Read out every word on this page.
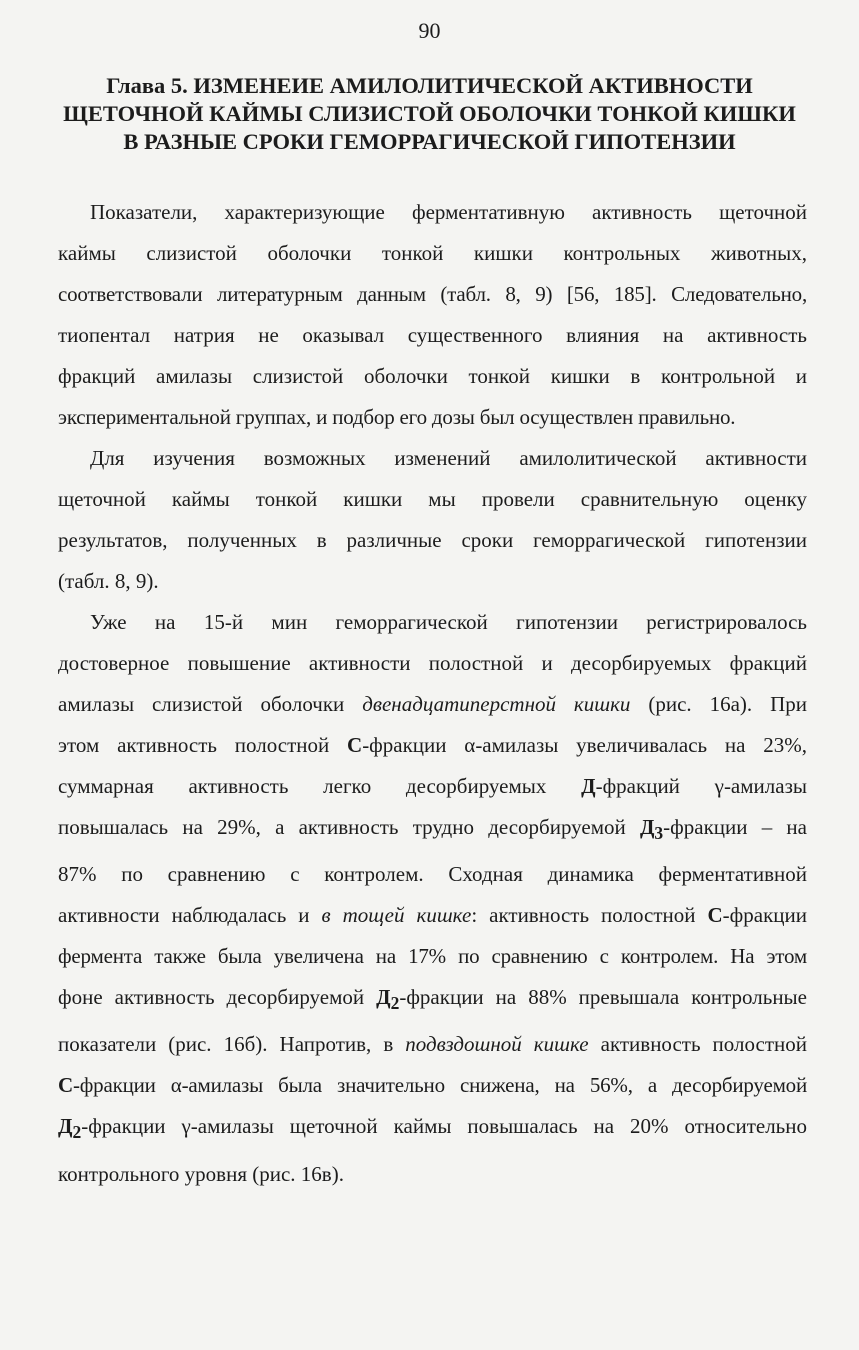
90
Глава 5. ИЗМЕНЕИЕ АМИЛОЛИТИЧЕСКОЙ АКТИВНОСТИ
ЩЕТОЧНОЙ КАЙМЫ СЛИЗИСТОЙ ОБОЛОЧКИ ТОНКОЙ КИШКИ
В РАЗНЫЕ СРОКИ ГЕМОРРАГИЧЕСКОЙ ГИПОТЕНЗИИ
Показатели, характеризующие ферментативную активность щеточной
каймы слизистой оболочки тонкой кишки контрольных животных,
соответствовали литературным данным (табл. 8, 9) [56, 185]. Следовательно,
тиопентал натрия не оказывал существенного влияния на активность
фракций амилазы слизистой оболочки тонкой кишки в контрольной и
экспериментальной группах, и подбор его дозы был осуществлен правильно.
Для изучения возможных изменений амилолитической активности
щеточной каймы тонкой кишки мы провели сравнительную оценку
результатов, полученных в различные сроки геморрагической гипотензии
(табл. 8, 9).
Уже на 15-й мин геморрагической гипотензии регистрировалось
достоверное повышение активности полостной и десорбируемых фракций
амилазы слизистой оболочки двенадцатиперстной кишки (рис. 16а). При
этом активность полостной С-фракции α-амилазы увеличивалась на 23%,
суммарная активность легко десорбируемых Д-фракций γ-амилазы
повышалась на 29%, а активность трудно десорбируемой $Д_3$-фракции – на
87% по сравнению с контролем. Сходная динамика ферментативной
активности наблюдалась и в тощей кишке: активность полостной С-фракции
фермента также была увеличена на 17% по сравнению с контролем. На этом
фоне активность десорбируемой $Д_2$-фракции на 88% превышала контрольные
показатели (рис. 16б). Напротив, в подвздошной кишке активность полостной
С-фракции α-амилазы была значительно снижена, на 56%, а десорбируемой
$Д_2$-фракции γ-амилазы щеточной каймы повышалась на 20% относительно
контрольного уровня (рис. 16в).
